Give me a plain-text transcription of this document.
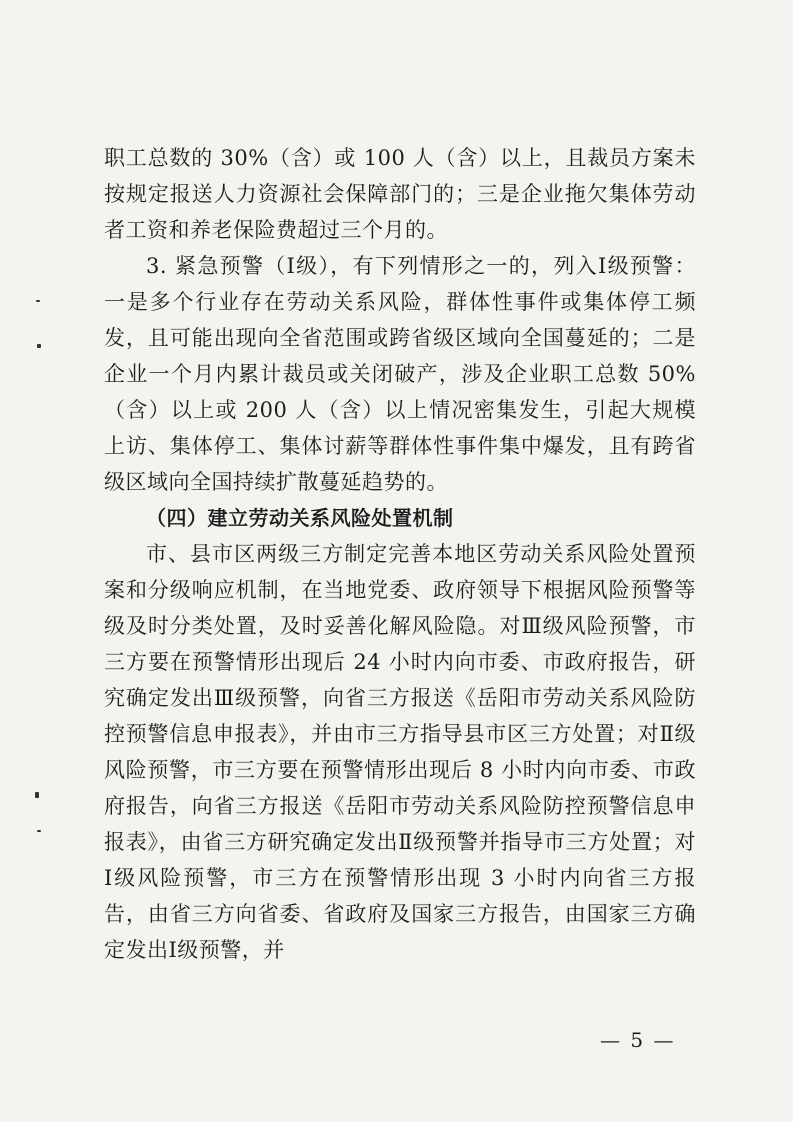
职工总数的 30%（含）或 100 人（含）以上，且裁员方案未按规定报送人力资源社会保障部门的；三是企业拖欠集体劳动者工资和养老保险费超过三个月的。

3. 紧急预警（Ⅰ级），有下列情形之一的，列入Ⅰ级预警：一是多个行业存在劳动关系风险，群体性事件或集体停工频发，且可能出现向全省范围或跨省级区域向全国蔓延的；二是企业一个月内累计裁员或关闭破产，涉及企业职工总数 50%（含）以上或 200 人（含）以上情况密集发生，引起大规模上访、集体停工、集体讨薪等群体性事件集中爆发，且有跨省级区域向全国持续扩散蔓延趋势的。

（四）建立劳动关系风险处置机制

市、县市区两级三方制定完善本地区劳动关系风险处置预案和分级响应机制，在当地党委、政府领导下根据风险预警等级及时分类处置，及时妥善化解风险隐。对Ⅲ级风险预警，市三方要在预警情形出现后 24 小时内向市委、市政府报告，研究确定发出Ⅲ级预警，向省三方报送《岳阳市劳动关系风险防控预警信息申报表》，并由市三方指导县市区三方处置；对Ⅱ级风险预警，市三方要在预警情形出现后 8 小时内向市委、市政府报告，向省三方报送《岳阳市劳动关系风险防控预警信息申报表》，由省三方研究确定发出Ⅱ级预警并指导市三方处置；对Ⅰ级风险预警，市三方在预警情形出现 3 小时内向省三方报告，由省三方向省委、省政府及国家三方报告，由国家三方确定发出Ⅰ级预警，并

— 5 —
